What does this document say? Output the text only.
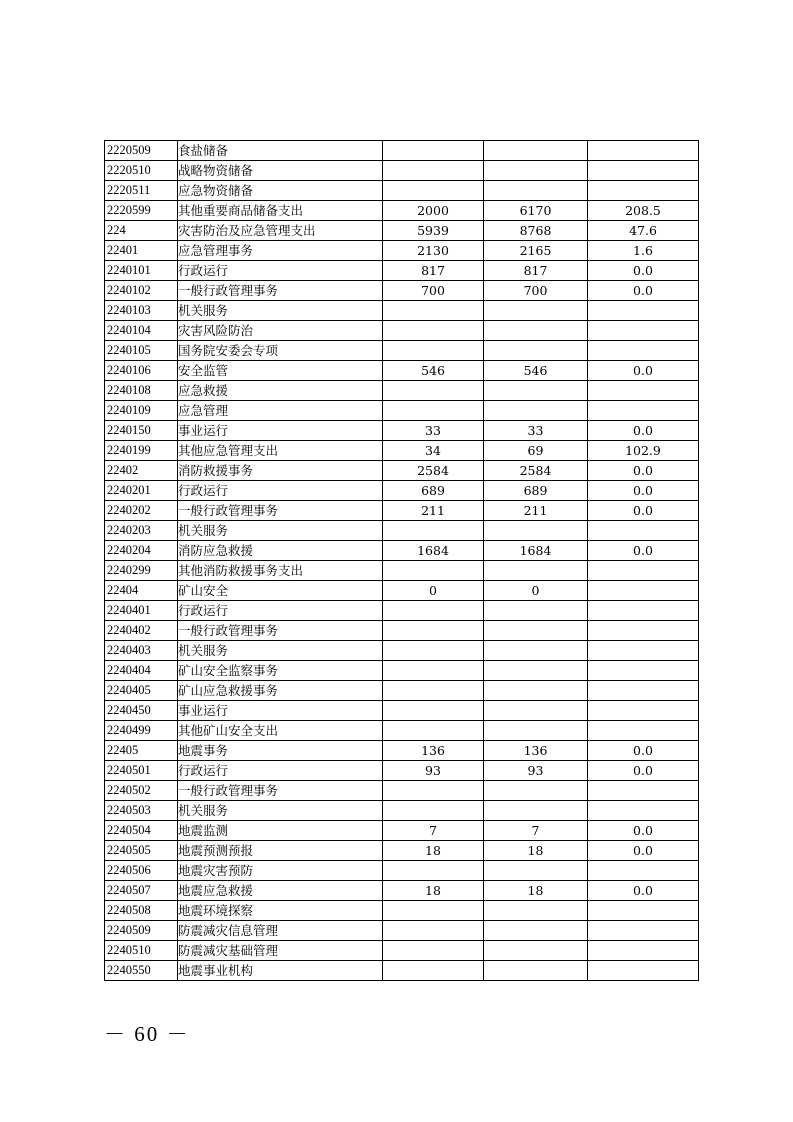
2220509	食盐储备			
2220510	战略物资储备			
2220511	应急物资储备			
2220599	其他重要商品储备支出	2000	6170	208.5
224	灾害防治及应急管理支出	5939	8768	47.6
22401	应急管理事务	2130	2165	1.6
2240101	行政运行	817	817	0.0
2240102	一般行政管理事务	700	700	0.0
2240103	机关服务			
2240104	灾害风险防治			
2240105	国务院安委会专项			
2240106	安全监管	546	546	0.0
2240108	应急救援			
2240109	应急管理			
2240150	事业运行	33	33	0.0
2240199	其他应急管理支出	34	69	102.9
22402	消防救援事务	2584	2584	0.0
2240201	行政运行	689	689	0.0
2240202	一般行政管理事务	211	211	0.0
2240203	机关服务			
2240204	消防应急救援	1684	1684	0.0
2240299	其他消防救援事务支出			
22404	矿山安全	0	0	
2240401	行政运行			
2240402	一般行政管理事务			
2240403	机关服务			
2240404	矿山安全监察事务			
2240405	矿山应急救援事务			
2240450	事业运行			
2240499	其他矿山安全支出			
22405	地震事务	136	136	0.0
2240501	行政运行	93	93	0.0
2240502	一般行政管理事务			
2240503	机关服务			
2240504	地震监测	7	7	0.0
2240505	地震预测预报	18	18	0.0
2240506	地震灾害预防			
2240507	地震应急救援	18	18	0.0
2240508	地震环境探察			
2240509	防震减灾信息管理			
2240510	防震减灾基础管理			
2240550	地震事业机构			
－ 60 －
